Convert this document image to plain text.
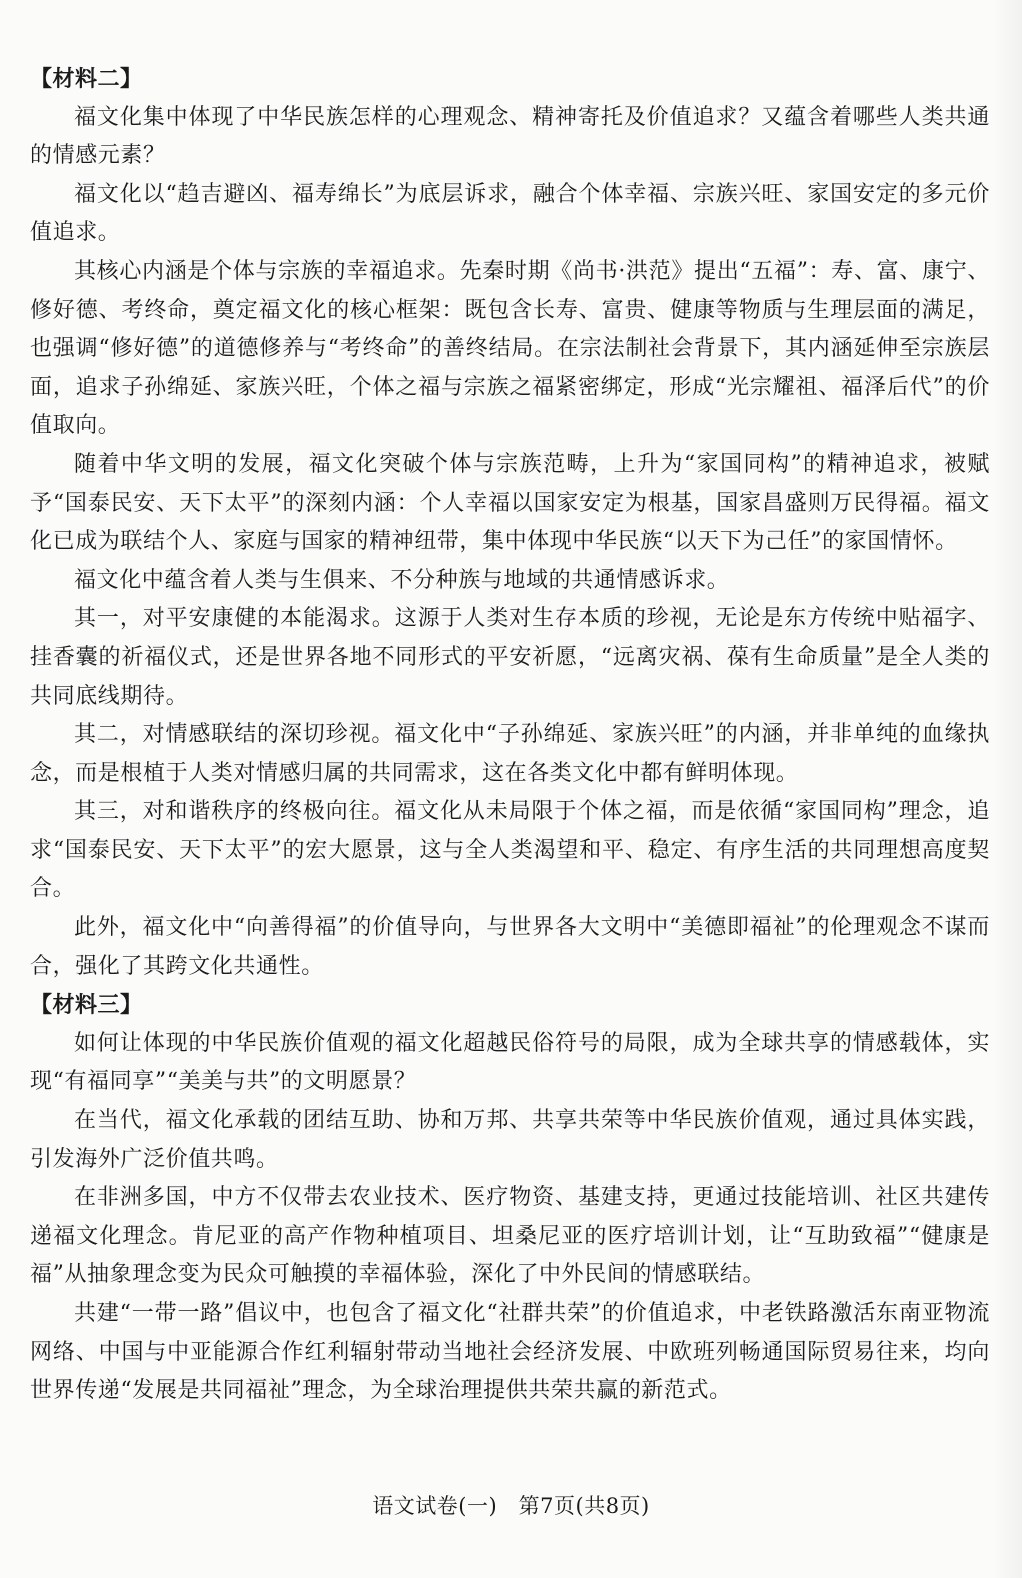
【材料二】

福文化集中体现了中华民族怎样的心理观念、精神寄托及价值追求？又蕴含着哪些人类共通的情感元素？

福文化以“趋吉避凶、福寿绵长”为底层诉求，融合个体幸福、宗族兴旺、家国安定的多元价值追求。

其核心内涵是个体与宗族的幸福追求。先秦时期《尚书·洪范》提出“五福”：寿、富、康宁、修好德、考终命，奠定福文化的核心框架：既包含长寿、富贵、健康等物质与生理层面的满足，也强调“修好德”的道德修养与“考终命”的善终结局。在宗法制社会背景下，其内涵延伸至宗族层面，追求子孙绵延、家族兴旺，个体之福与宗族之福紧密绑定，形成“光宗耀祖、福泽后代”的价值取向。

随着中华文明的发展，福文化突破个体与宗族范畴，上升为“家国同构”的精神追求，被赋予“国泰民安、天下太平”的深刻内涵：个人幸福以国家安定为根基，国家昌盛则万民得福。福文化已成为联结个人、家庭与国家的精神纽带，集中体现中华民族“以天下为己任”的家国情怀。

福文化中蕴含着人类与生俱来、不分种族与地域的共通情感诉求。

其一，对平安康健的本能渴求。这源于人类对生存本质的珍视，无论是东方传统中贴福字、挂香囊的祈福仪式，还是世界各地不同形式的平安祈愿，“远离灾祸、葆有生命质量”是全人类的共同底线期待。

其二，对情感联结的深切珍视。福文化中“子孙绵延、家族兴旺”的内涵，并非单纯的血缘执念，而是根植于人类对情感归属的共同需求，这在各类文化中都有鲜明体现。

其三，对和谐秩序的终极向往。福文化从未局限于个体之福，而是依循“家国同构”理念，追求“国泰民安、天下太平”的宏大愿景，这与全人类渴望和平、稳定、有序生活的共同理想高度契合。

此外，福文化中“向善得福”的价值导向，与世界各大文明中“美德即福祉”的伦理观念不谋而合，强化了其跨文化共通性。

【材料三】

如何让体现的中华民族价值观的福文化超越民俗符号的局限，成为全球共享的情感载体，实现“有福同享”“美美与共”的文明愿景？

在当代，福文化承载的团结互助、协和万邦、共享共荣等中华民族价值观，通过具体实践，引发海外广泛价值共鸣。

在非洲多国，中方不仅带去农业技术、医疗物资、基建支持，更通过技能培训、社区共建传递福文化理念。肯尼亚的高产作物种植项目、坦桑尼亚的医疗培训计划，让“互助致福”“健康是福”从抽象理念变为民众可触摸的幸福体验，深化了中外民间的情感联结。

共建“一带一路”倡议中，也包含了福文化“社群共荣”的价值追求，中老铁路激活东南亚物流网络、中国与中亚能源合作红利辐射带动当地社会经济发展、中欧班列畅通国际贸易往来，均向世界传递“发展是共同福祉”理念，为全球治理提供共荣共赢的新范式。

语文试卷(一)　第7页(共8页)
